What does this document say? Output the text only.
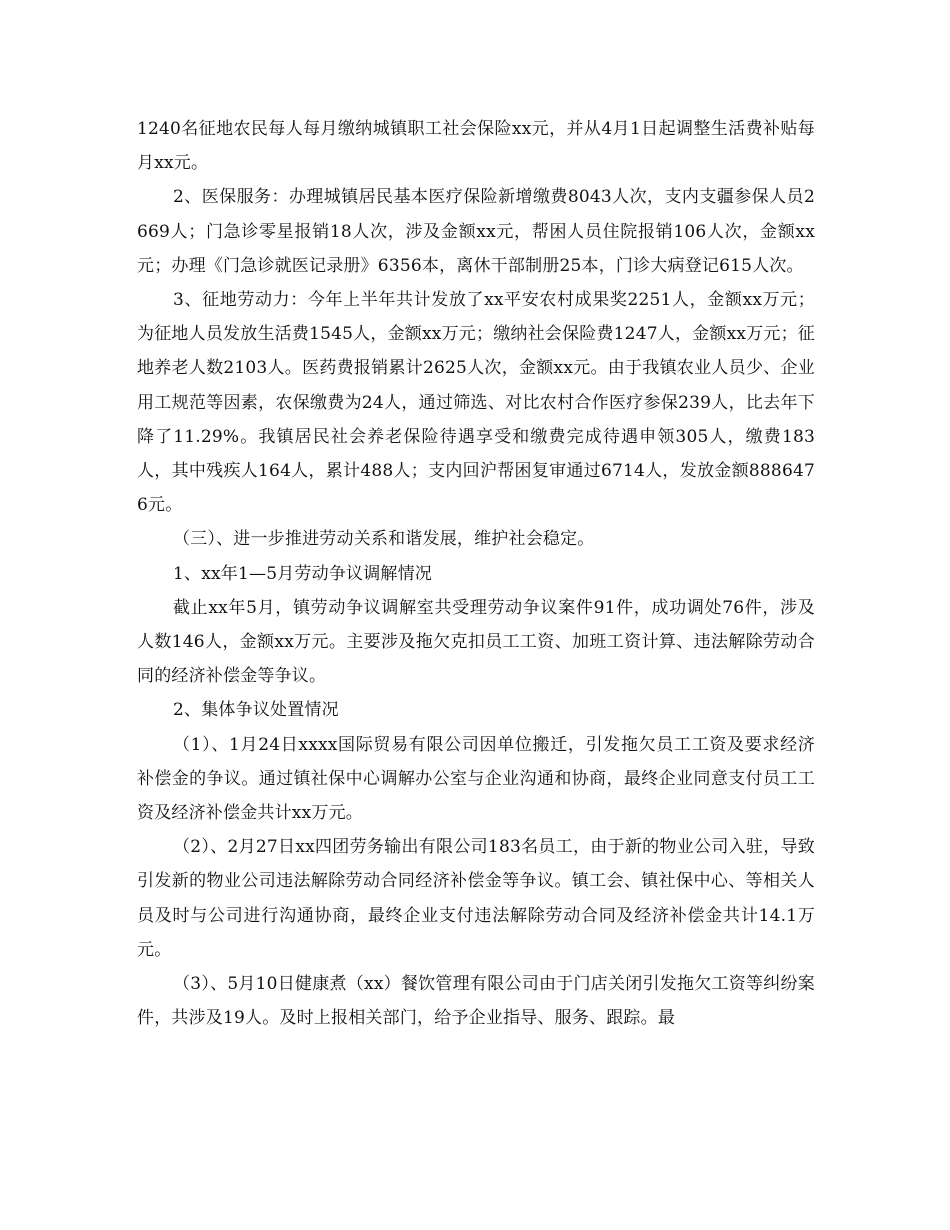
1240名征地农民每人每月缴纳城镇职工社会保险xx元，并从4月1日起调整生活费补贴每月xx元。

2、医保服务：办理城镇居民基本医疗保险新增缴费8043人次，支内支疆参保人员2669人；门急诊零星报销18人次，涉及金额xx元，帮困人员住院报销106人次，金额xx元；办理《门急诊就医记录册》6356本，离休干部制册25本，门诊大病登记615人次。

3、征地劳动力：今年上半年共计发放了xx平安农村成果奖2251人，金额xx万元；为征地人员发放生活费1545人，金额xx万元；缴纳社会保险费1247人，金额xx万元；征地养老人数2103人。医药费报销累计2625人次，金额xx元。由于我镇农业人员少、企业用工规范等因素，农保缴费为24人，通过筛选、对比农村合作医疗参保239人，比去年下降了11.29%。我镇居民社会养老保险待遇享受和缴费完成待遇申领305人，缴费183人，其中残疾人164人，累计488人；支内回沪帮困复审通过6714人，发放金额8886476元。

（三）、进一步推进劳动关系和谐发展，维护社会稳定。

1、xx年1—5月劳动争议调解情况

截止xx年5月，镇劳动争议调解室共受理劳动争议案件91件，成功调处76件，涉及人数146人，金额xx万元。主要涉及拖欠克扣员工工资、加班工资计算、违法解除劳动合同的经济补偿金等争议。

2、集体争议处置情况

（1）、1月24日xxxx国际贸易有限公司因单位搬迁，引发拖欠员工工资及要求经济补偿金的争议。通过镇社保中心调解办公室与企业沟通和协商，最终企业同意支付员工工资及经济补偿金共计xx万元。

（2）、2月27日xx四团劳务输出有限公司183名员工，由于新的物业公司入驻，导致引发新的物业公司违法解除劳动合同经济补偿金等争议。镇工会、镇社保中心、等相关人员及时与公司进行沟通协商，最终企业支付违法解除劳动合同及经济补偿金共计14.1万元。

（3）、5月10日健康煮（xx）餐饮管理有限公司由于门店关闭引发拖欠工资等纠纷案件，共涉及19人。及时上报相关部门，给予企业指导、服务、跟踪。最
